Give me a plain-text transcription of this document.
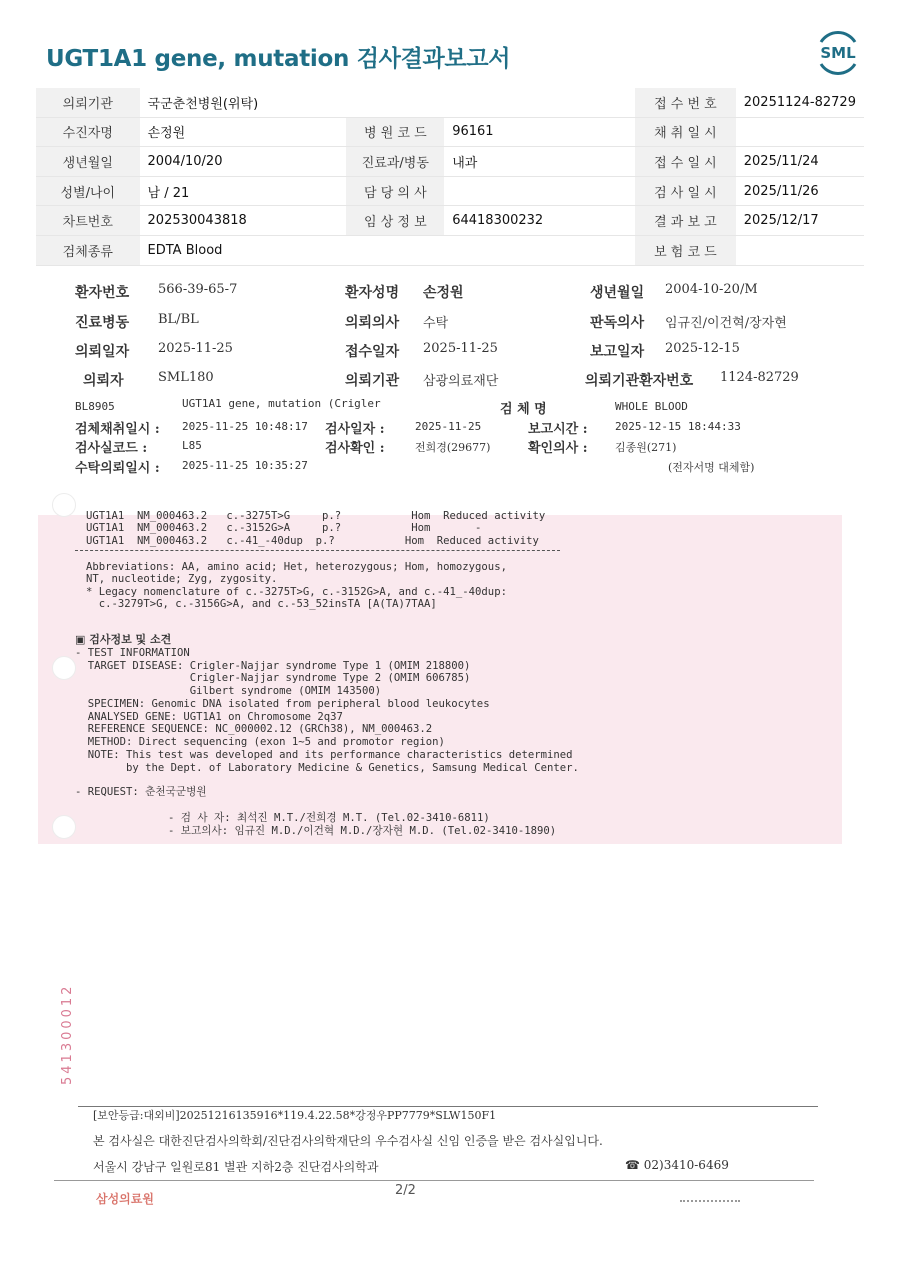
UGT1A1 gene, mutation 검사결과보고서	SML
의뢰기관	국군춘천병원(위탁)			접 수 번 호	20251124-82729
수진자명	손정원	병 원 코 드	96161	채 취 일 시	
생년월일	2004/10/20	진료과/병동	내과	접 수 일 시	2025/11/24
성별/나이	남 / 21	담 당 의 사		검 사 일 시	2025/11/26
차트번호	202530043818	임 상 정 보	64418300232	결 과 보 고	2025/12/17
검체종류	EDTA Blood			보 험 코 드	
환자번호 566-39-65-7	환자성명 손정원	생년월일 2004-10-20/M
진료병동 BL/BL	의뢰의사 수탁	판독의사 임규진/이건혁/장자현
의뢰일자 2025-11-25	접수일자 2025-11-25	보고일자 2025-12-15
의뢰자	SML180	의뢰기관 삼광의료재단	의뢰기관환자번호 1124-82729
BL8905	UGT1A1 gene, mutation (Crigler	검 체 명	WHOLE BLOOD
검체채취일시 : 2025-11-25 10:48:17 검사일자 :	2025-11-25	보고시간 : 2025-12-15 18:44:33
검사실코드 :	L85	검사확인 :	전희경(29677)	확인의사 : 김종원(271)
수탁의뢰일시 : 2025-11-25 10:35:27	(전자서명 대체함)
UGT1A1  NM_000463.2   c.-3275T>G     p.?           Hom  Reduced activity
UGT1A1  NM_000463.2   c.-3152G>A     p.?           Hom       -
UGT1A1  NM_000463.2   c.-41_-40dup  p.?           Hom  Reduced activity
Abbreviations: AA, amino acid; Het, heterozygous; Hom, homozygous,
NT, nucleotide; Zyg, zygosity.
* Legacy nomenclature of c.-3275T>G, c.-3152G>A, and c.-41_-40dup:
c.-3279T>G, c.-3156G>A, and c.-53_52insTA [A(TA)7TAA]
▣ 검사정보 및 소견
- TEST INFORMATION
TARGET DISEASE: Crigler-Najjar syndrome Type 1 (OMIM 218800)
Crigler-Najjar syndrome Type 2 (OMIM 606785)
Gilbert syndrome (OMIM 143500)
SPECIMEN: Genomic DNA isolated from peripheral blood leukocytes
ANALYSED GENE: UGT1A1 on Chromosome 2q37
REFERENCE SEQUENCE: NC_000002.12 (GRCh38), NM_000463.2
METHOD: Direct sequencing (exon 1~5 and promotor region)
NOTE: This test was developed and its performance characteristics determined
by the Dept. of Laboratory Medicine & Genetics, Samsung Medical Center.
- REQUEST: 춘천국군병원
- 검 사 자: 최석진 M.T./전희경 M.T. (Tel.02-3410-6811)
- 보고의사: 임규진 M.D./이건혁 M.D./장자현 M.D. (Tel.02-3410-1890)
541300012
[보안등급:대외비]20251216135916*119.4.22.58*강정우PP7779*SLW150F1
본 검사실은 대한진단검사의학회/진단검사의학재단의 우수검사실 신임 인증을 받은 검사실입니다.
서울시 강남구 일원로81 별관 지하2층 진단검사의학과	☎ 02)3410-6469
삼성의료원
2/2
